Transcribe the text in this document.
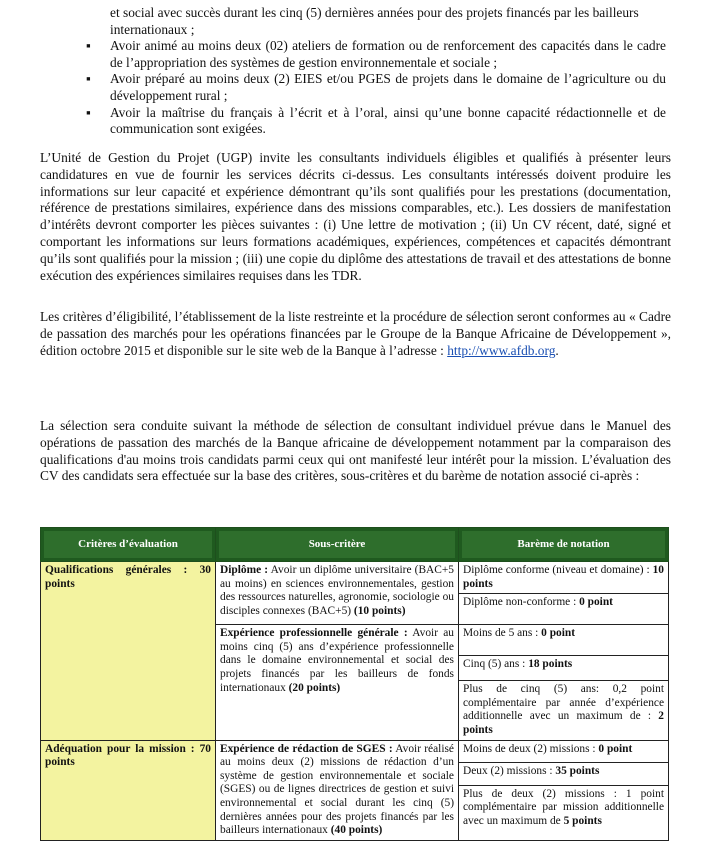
et social avec succès durant les cinq (5) dernières années pour des projets financés par les bailleurs internationaux ;
▪	Avoir animé au moins deux (02) ateliers de formation ou de renforcement des capacités dans le cadre de l’appropriation des systèmes de gestion environnementale et sociale ;
▪	Avoir préparé au moins deux (2) EIES et/ou PGES de projets dans le domaine de l’agriculture ou du développement rural ;
▪	Avoir la maîtrise du français à l’écrit et à l’oral, ainsi qu’une bonne capacité rédactionnelle et de communication sont exigées.

L’Unité de Gestion du Projet (UGP) invite les consultants individuels éligibles et qualifiés à présenter leurs candidatures en vue de fournir les services décrits ci-dessus. Les consultants intéressés doivent produire les informations sur leur capacité et expérience démontrant qu’ils sont qualifiés pour les prestations (documentation, référence de prestations similaires, expérience dans des missions comparables, etc.). Les dossiers de manifestation d’intérêts devront comporter les pièces suivantes : (i) Une lettre de motivation ; (ii) Un CV récent, daté, signé et comportant les informations sur leurs formations académiques, expériences, compétences et capacités démontrant qu’ils sont qualifiés pour la mission ; (iii) une copie du diplôme des attestations de travail et des attestations de bonne exécution des expériences similaires requises dans les TDR.

Les critères d’éligibilité, l’établissement de la liste restreinte et la procédure de sélection seront conformes au « Cadre de passation des marchés pour les opérations financées par le Groupe de la Banque Africaine de Développement », édition octobre 2015 et disponible sur le site web de la Banque à l’adresse : http://www.afdb.org.

La sélection sera conduite suivant la méthode de sélection de consultant individuel prévue dans le Manuel des opérations de passation des marchés de la Banque africaine de développement notamment par la comparaison des qualifications d'au moins trois candidats parmi ceux qui ont manifesté leur intérêt pour la mission. L’évaluation des CV des candidats sera effectuée sur la base des critères, sous-critères et du barème de notation associé ci-après :

Critères d’évaluation	Sous-critère	Barème de notation
Qualifications générales : 30 points	Diplôme : Avoir un diplôme universitaire (BAC+5 au moins) en sciences environnementales, gestion des ressources naturelles, agronomie, sociologie ou disciples connexes (BAC+5) (10 points)	Diplôme conforme (niveau et domaine) : 10 points
		Diplôme non-conforme : 0 point
	Expérience professionnelle générale : Avoir au moins cinq (5) ans d’expérience professionnelle dans le domaine environnemental et social des projets financés par les bailleurs de fonds internationaux (20 points)	Moins de 5 ans : 0 point
		Cinq (5) ans : 18 points
		Plus de cinq (5) ans: 0,2 point complémentaire par année d’expérience additionnelle avec un maximum de : 2 points
Adéquation pour la mission : 70 points	Expérience de rédaction de SGES : Avoir réalisé au moins deux (2) missions de rédaction d’un système de gestion environnementale et sociale (SGES) ou de lignes directrices de gestion et suivi environnemental et social durant les cinq (5) dernières années pour des projets financés par les bailleurs internationaux (40 points)	Moins de deux (2) missions : 0 point
		Deux (2) missions : 35 points
		Plus de deux (2) missions : 1 point complémentaire par mission additionnelle avec un maximum de 5 points
